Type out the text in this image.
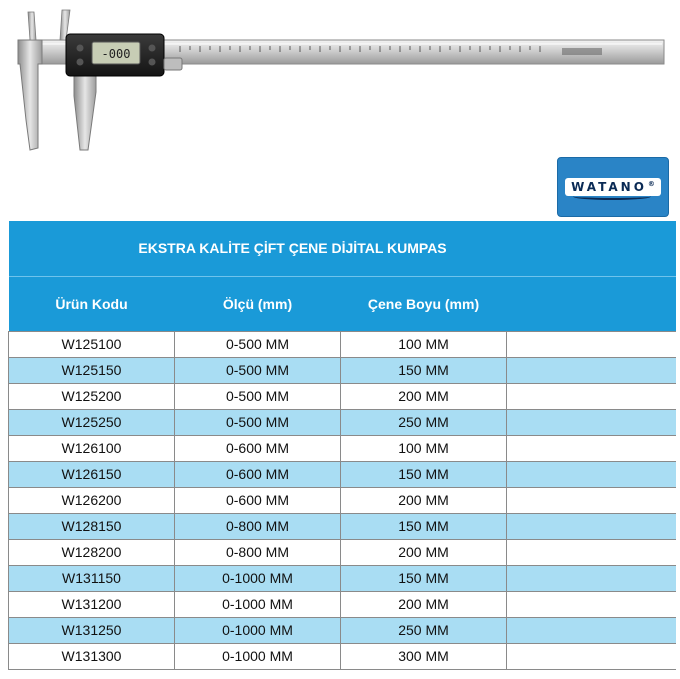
-000
WATANO®
EKSTRA KALİTE ÇİFT ÇENE DİJİTAL KUMPAS			
Ürün Kodu	Ölçü (mm)	Çene Boyu (mm)	
W125100	0-500 MM	100 MM	
W125150	0-500 MM	150 MM	
W125200	0-500 MM	200 MM	
W125250	0-500 MM	250 MM	
W126100	0-600 MM	100 MM	
W126150	0-600 MM	150 MM	
W126200	0-600 MM	200 MM	
W128150	0-800 MM	150 MM	
W128200	0-800 MM	200 MM	
W131150	0-1000 MM	150 MM	
W131200	0-1000 MM	200 MM	
W131250	0-1000 MM	250 MM	
W131300	0-1000 MM	300 MM	
